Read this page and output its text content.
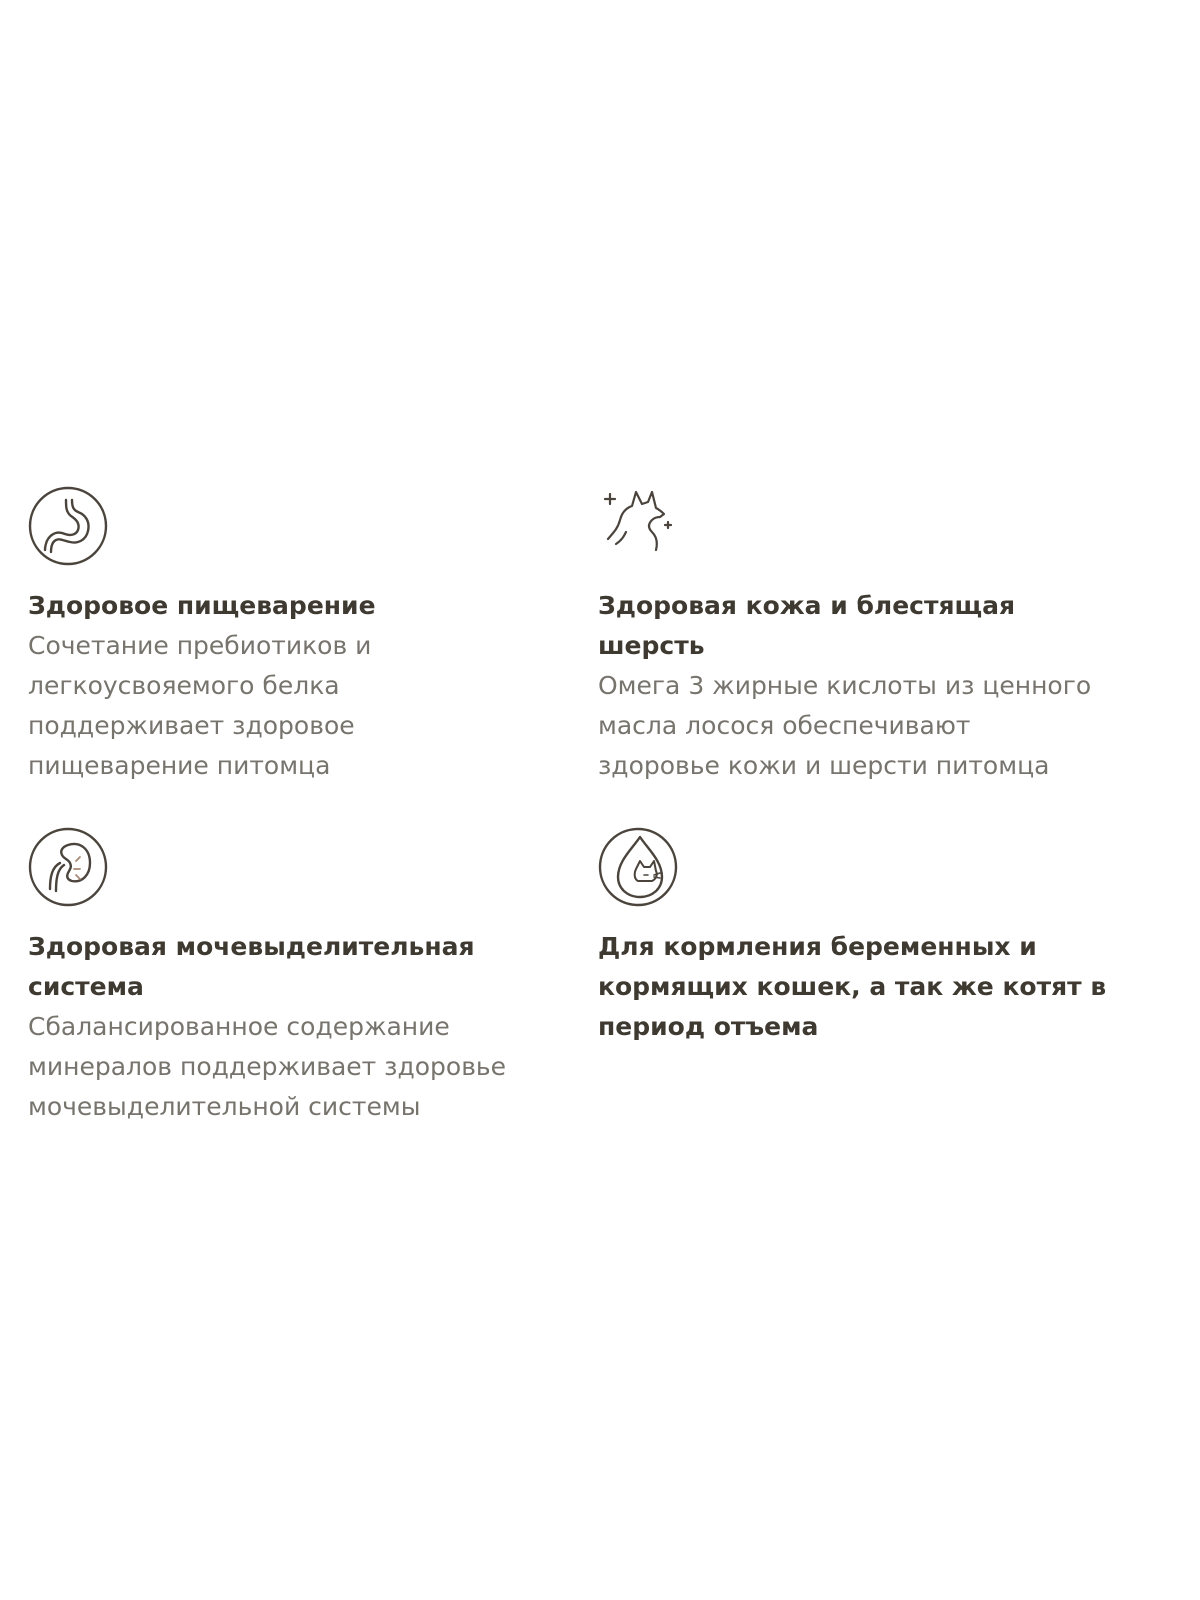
Здоровое пищеварение

Сочетание пребиотиков и
легкоусвояемого белка
поддерживает здоровое
пищеварение питомца

Здоровая кожа и блестящая
шерсть

Омега 3 жирные кислоты из ценного
масла лосося обеспечивают
здоровье кожи и шерсти питомца

Здоровая мочевыделительная
система

Сбалансированное содержание
минералов поддерживает здоровье
мочевыделительной системы

Для кормления беременных и
кормящих кошек, а так же котят в
период отъема
